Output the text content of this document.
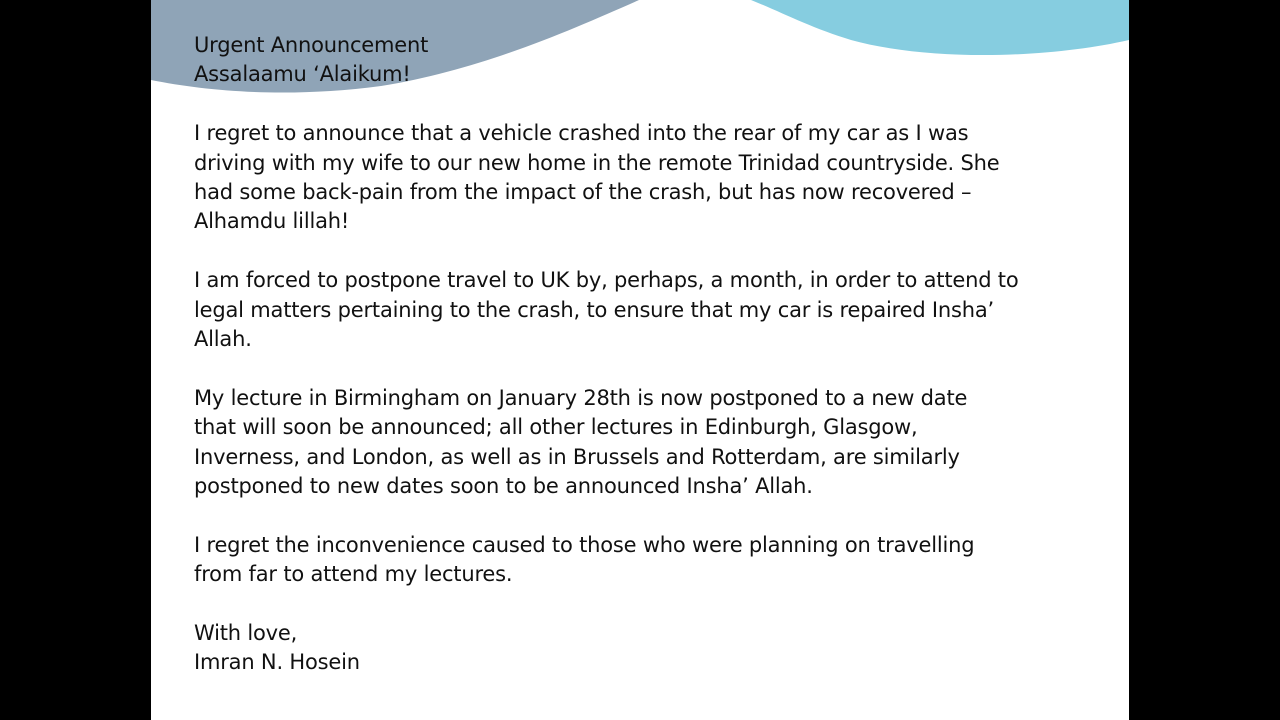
Urgent Announcement
Assalaamu ‘Alaikum!
I regret to announce that a vehicle crashed into the rear of my car as I was
driving with my wife to our new home in the remote Trinidad countryside. She
had some back-pain from the impact of the crash, but has now recovered –
Alhamdu lillah!
I am forced to postpone travel to UK by, perhaps, a month, in order to attend to
legal matters pertaining to the crash, to ensure that my car is repaired Insha’
Allah.
My lecture in Birmingham on January 28th is now postponed to a new date
that will soon be announced; all other lectures in Edinburgh, Glasgow,
Inverness, and London, as well as in Brussels and Rotterdam, are similarly
postponed to new dates soon to be announced Insha’ Allah.
I regret the inconvenience caused to those who were planning on travelling
from far to attend my lectures.
With love,
Imran N. Hosein
